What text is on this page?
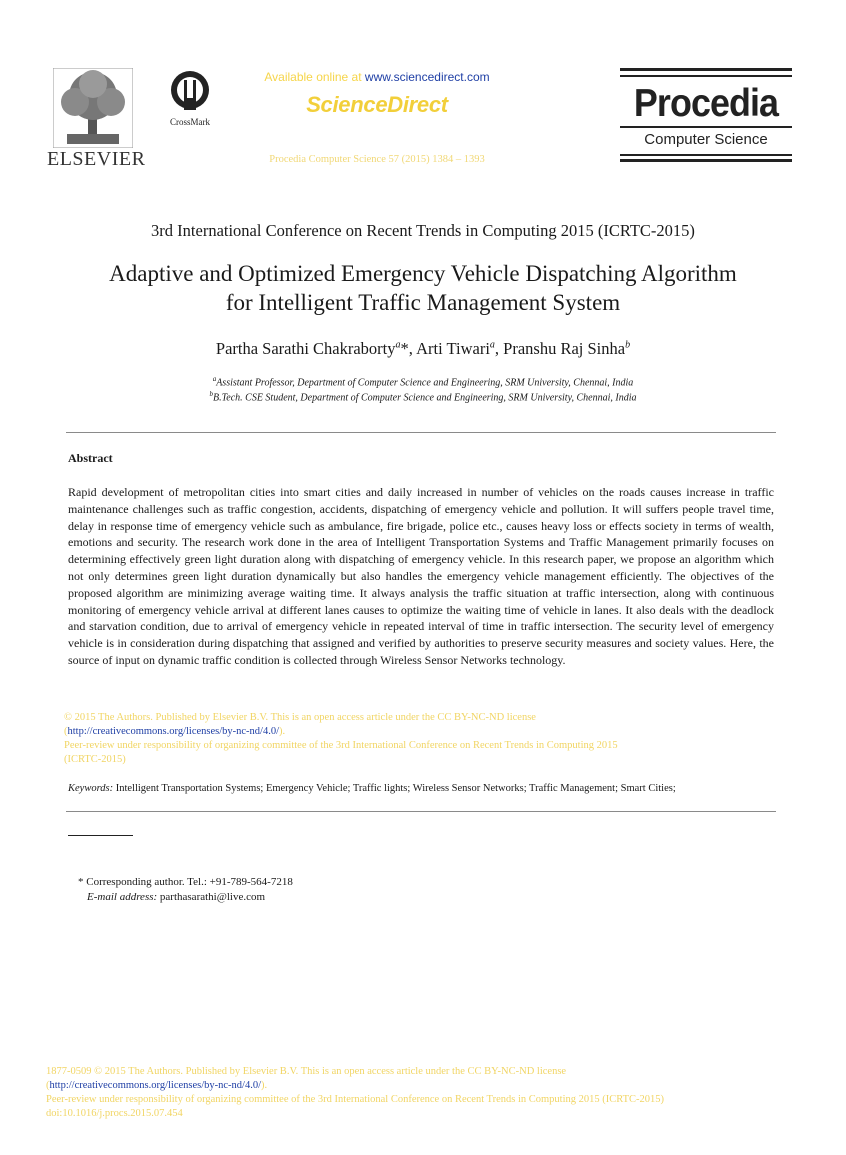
ELSEVIER
CrossMark
Available online at www.sciencedirect.com
ScienceDirect
Procedia Computer Science 57 (2015) 1384 – 1393
Procedia
Computer Science
3rd International Conference on Recent Trends in Computing 2015 (ICRTC-2015)
Adaptive and Optimized Emergency Vehicle Dispatching Algorithm
for Intelligent Traffic Management System
Partha Sarathi Chakraborty$^a$*, Arti Tiwari$^a$, Pranshu Raj Sinha$^b$
$^a$Assistant Professor, Department of Computer Science and Engineering, SRM University, Chennai, India
$^b$B.Tech. CSE Student, Department of Computer Science and Engineering, SRM University, Chennai, India
Abstract
Rapid development of metropolitan cities into smart cities and daily increased in number of vehicles on the roads causes increase in traffic maintenance challenges such as traffic congestion, accidents, dispatching of emergency vehicle and pollution. It will suffers people travel time, delay in response time of emergency vehicle such as ambulance, fire brigade, police etc., causes heavy loss or effects society in terms of wealth, emotions and security. The research work done in the area of Intelligent Transportation Systems and Traffic Management primarily focuses on determining effectively green light duration along with dispatching of emergency vehicle. In this research paper, we propose an algorithm which not only determines green light duration dynamically but also handles the emergency vehicle management efficiently. The objectives of the proposed algorithm are minimizing average waiting time. It always analysis the traffic situation at traffic intersection, along with continuous monitoring of emergency vehicle arrival at different lanes causes to optimize the waiting time of vehicle in lanes. It also deals with the deadlock and starvation condition, due to arrival of emergency vehicle in repeated interval of time in traffic intersection. The security level of emergency vehicle is in consideration during dispatching that assigned and verified by authorities to preserve security measures and society values. Here, the source of input on dynamic traffic condition is collected through Wireless Sensor Networks technology.
© 2015 The Authors. Published by Elsevier B.V. This is an open access article under the CC BY-NC-ND license
(http://creativecommons.org/licenses/by-nc-nd/4.0/).
Peer-review under responsibility of organizing committee of the 3rd International Conference on Recent Trends in Computing 2015
(ICRTC-2015)
Keywords: Intelligent Transportation Systems; Emergency Vehicle; Traffic lights; Wireless Sensor Networks; Traffic Management; Smart Cities;
* Corresponding author. Tel.: +91-789-564-7218
E-mail address: parthasarathi@live.com
1877-0509 © 2015 The Authors. Published by Elsevier B.V. This is an open access article under the CC BY-NC-ND license
(http://creativecommons.org/licenses/by-nc-nd/4.0/).
Peer-review under responsibility of organizing committee of the 3rd International Conference on Recent Trends in Computing 2015 (ICRTC-2015)
doi:10.1016/j.procs.2015.07.454
